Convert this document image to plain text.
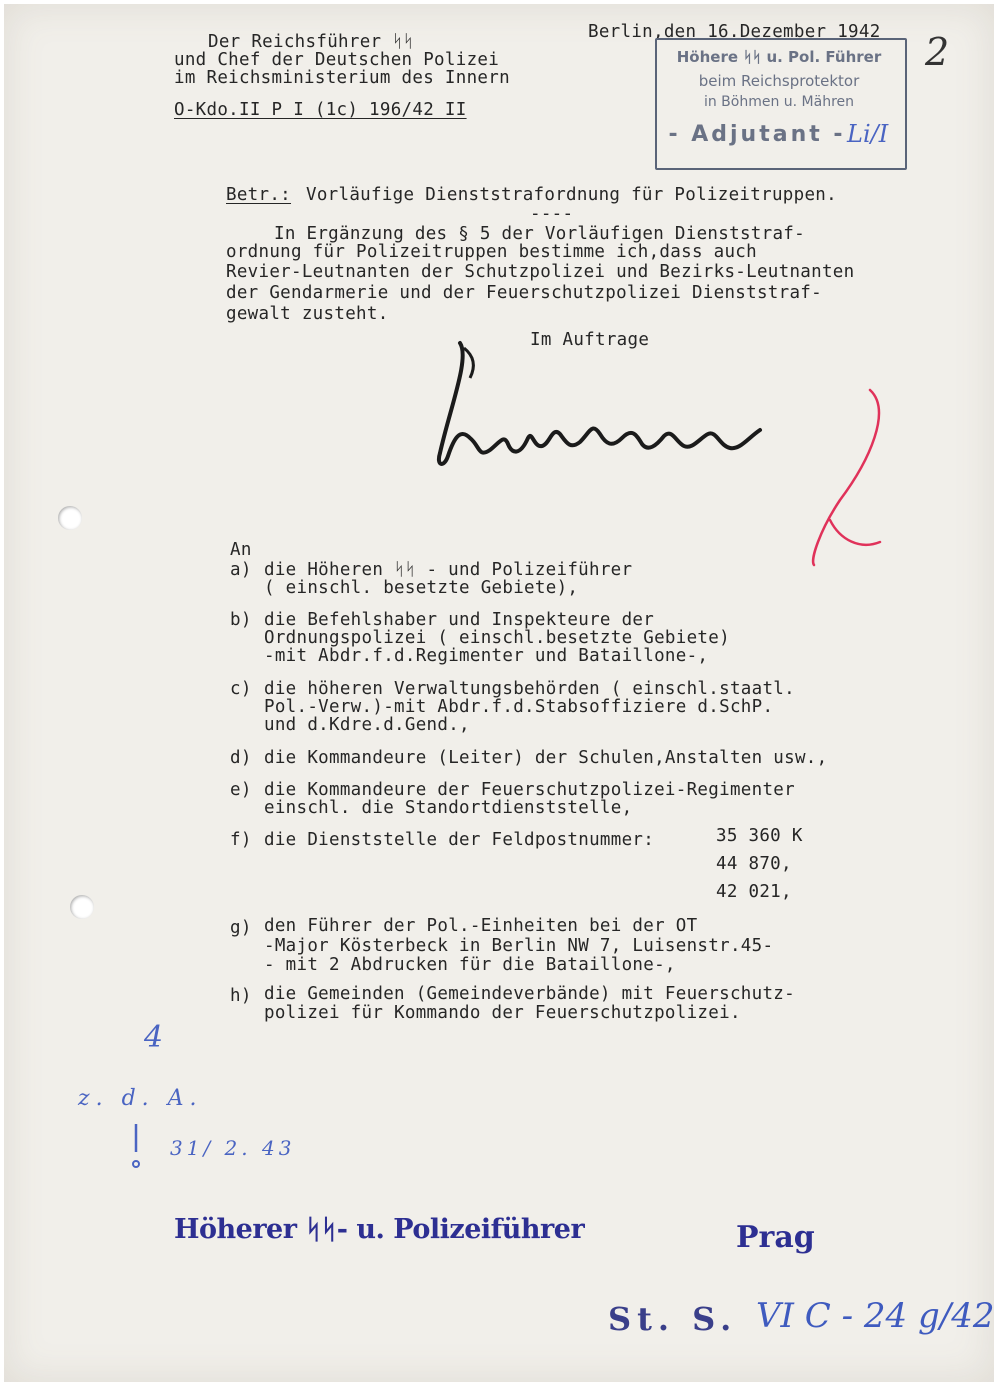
Der Reichsführer ᛋᛋ
und Chef der Deutschen Polizei
im Reichsministerium des Innern
O-Kdo.II P I (1c) 196/42 II
Berlin,den 16.Dezember 1942 2
Höhere ᛋᛋ u. Pol. Führer
beim Reichsprotektor
in Böhmen u. Mähren
- Adjutant - Li/I
Betr.: Vorläufige Dienststrafordnung für Polizeitruppen.
----
In Ergänzung des § 5 der Vorläufigen Dienststraf-
ordnung für Polizeitruppen bestimme ich,dass auch
Revier-Leutnanten der Schutzpolizei und Bezirks-Leutnanten
der Gendarmerie und der Feuerschutzpolizei Dienststraf-
gewalt zusteht.
Im Auftrage
An
a) die Höheren ᛋᛋ - und Polizeiführer
( einschl. besetzte Gebiete),
b) die Befehlshaber und Inspekteure der
Ordnungspolizei ( einschl.besetzte Gebiete)
-mit Abdr.f.d.Regimenter und Bataillone-,
c) die höheren Verwaltungsbehörden ( einschl.staatl.
Pol.-Verw.)-mit Abdr.f.d.Stabsoffiziere d.SchP.
und d.Kdre.d.Gend.,
d) die Kommandeure (Leiter) der Schulen,Anstalten usw.,
e) die Kommandeure der Feuerschutzpolizei-Regimenter
einschl. die Standortdienststelle,
f) die Dienststelle der Feldpostnummer:	35 360 K
44 870,
42 021,
g) den Führer der Pol.-Einheiten bei der OT
-Major Kösterbeck in Berlin NW 7, Luisenstr.45-
- mit 2 Abdrucken für die Bataillone-,
h) die Gemeinden (Gemeindeverbände) mit Feuerschutz-
polizei für Kommando der Feuerschutzpolizei.
4
z. d. A.
31/ 2. 43
Höherer ᛋᛋ- u. Polizeiführer	Prag
St. S. VI C - 24 g/42
